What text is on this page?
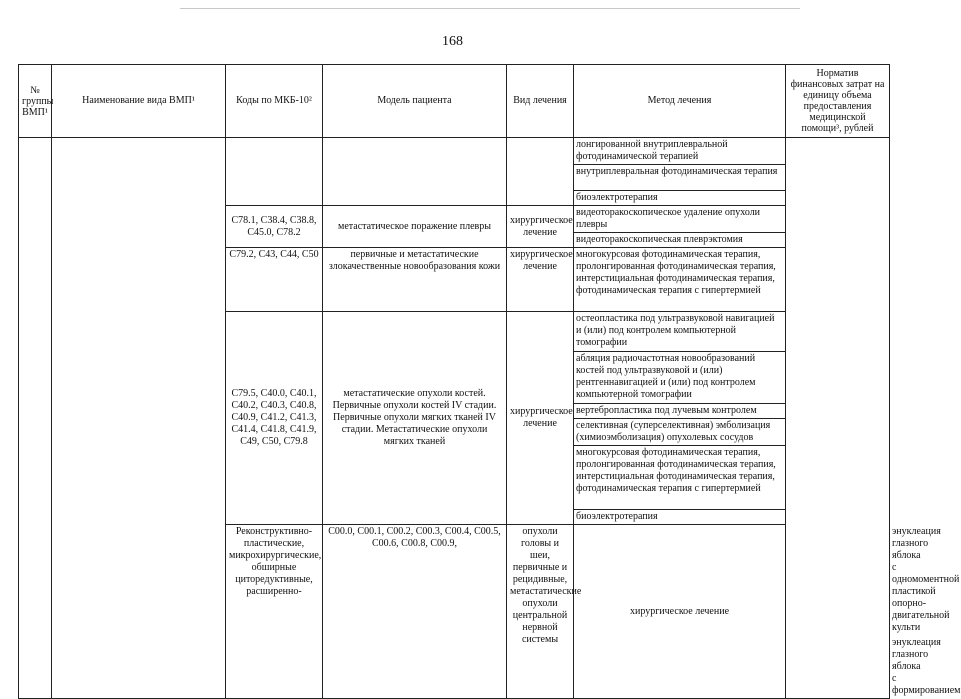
168
№ группы ВМП¹	Наименование вида ВМП¹	Коды по МКБ-10²	Модель пациента	Вид лечения	Метод лечения	Норматив финансовых затрат на единицу объема предоставления медицинской помощи³, рублей	
					лонгированной внутриплевральной фотодинамической терапией		
					внутриплевральная фотодинамическая терапия		
					биоэлектротерапия		
		C78.1, C38.4, C38.8, C45.0, C78.2	метастатическое поражение плевры	хирургическое лечение	видеоторакоскопическое удаление опухоли плевры		
					видеоторакоскопическая плеврэктомия		
		C79.2, C43, C44, C50	первичные и метастатические злокачественные новообразования кожи	хирургическое лечение	многокурсовая фотодинамическая терапия, пролонгированная фотодинамическая терапия, интерстициальная фотодинамическая терапия, фотодинамическая терапия с гипертермией		
		C79.5, C40.0, C40.1, C40.2, C40.3, C40.8, C40.9, C41.2, C41.3, C41.4, C41.8, C41.9, C49, C50, C79.8	метастатические опухоли костей. Первичные опухоли костей IV стадии. Первичные опухоли мягких тканей IV стадии. Метастатические опухоли мягких тканей	хирургическое лечение	остеопластика под ультразвуковой навигацией и (или) под контролем компьютерной томографии		
					абляция радиочастотная новообразований костей под ультразвуковой и (или) рентгеннавигацией и (или) под контролем компьютерной томографии		
					вертебропластика под лучевым контролем		
					селективная (суперселективная) эмболизация (химиоэмболизация) опухолевых сосудов		
					многокурсовая фотодинамическая терапия, пролонгированная фотодинамическая терапия, интерстициальная фотодинамическая терапия, фотодинамическая терапия с гипертермией		
					биоэлектротерапия		
		Реконструктивно-пластические, микрохирургические, обширные циторедуктивные, расширенно-	C00.0, C00.1, C00.2, C00.3, C00.4, C00.5, C00.6, C00.8, C00.9,	опухоли головы и шеи, первичные и рецидивные, метастатические опухоли центральной нервной системы	хирургическое лечение		энуклеация глазного яблока с одномоментной пластикой опорно-двигательной культи
							энуклеация глазного яблока с формированием
